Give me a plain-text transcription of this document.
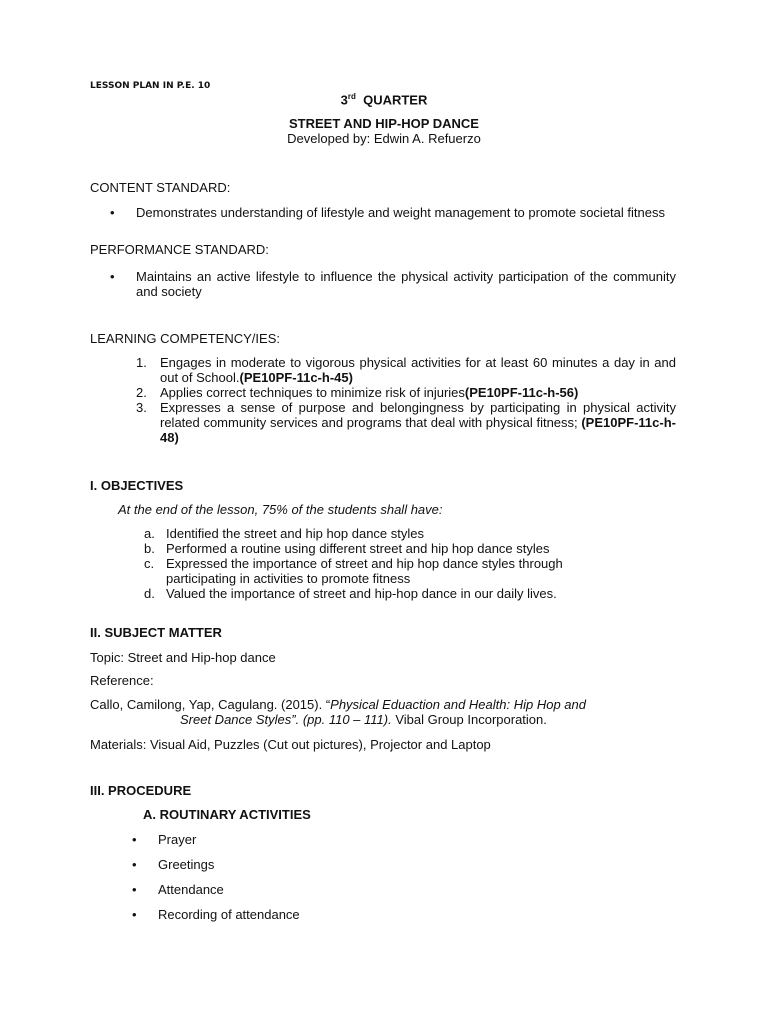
LESSON PLAN IN P.E. 10
3rd QUARTER
STREET AND HIP-HOP DANCE
Developed by: Edwin A. Refuerzo
CONTENT STANDARD:
•	Demonstrates understanding of lifestyle and weight management to promote societal fitness
PERFORMANCE STANDARD:
•	Maintains an active lifestyle to influence the physical activity participation of the community and society
LEARNING COMPETENCY/IES:
1.	Engages in moderate to vigorous physical activities for at least 60 minutes a day in and out of School.(PE10PF-11c-h-45)
2.	Applies correct techniques to minimize risk of injuries(PE10PF-11c-h-56)
3.	Expresses a sense of purpose and belongingness by participating in physical activity related community services and programs that deal with physical fitness; (PE10PF-11c-h-48)
I. OBJECTIVES
At the end of the lesson, 75% of the students shall have:
a. Identified the street and hip hop dance styles
b. Performed a routine using different street and hip hop dance styles
c. Expressed the importance of street and hip hop dance styles through participating in activities to promote fitness
d. Valued the importance of street and hip-hop dance in our daily lives.
II. SUBJECT MATTER
Topic: Street and Hip-hop dance
Reference:
Callo, Camilong, Yap, Cagulang. (2015). “Physical Eduaction and Health: Hip Hop and
Sreet Dance Styles”. (pp. 110 – 111). Vibal Group Incorporation.
Materials: Visual Aid, Puzzles (Cut out pictures), Projector and Laptop
III. PROCEDURE
A. ROUTINARY ACTIVITIES
•	Prayer
•	Greetings
•	Attendance
•	Recording of attendance
